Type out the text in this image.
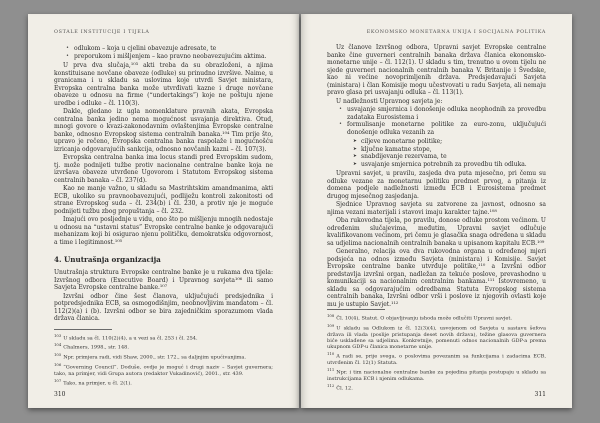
OSTALE INSTITUCIJE I TIJELA
• odlukom – koja u cjelini obavezuje adresate, te
• preporukom i mišljenjem – kao pravno neobavezujućim aktima.

U prva dva slučaja,¹⁰³ akti treba da su obrazloženi, a njima konstituisane novčane obaveze (odluke) su prinudno izvršive. Naime, u granicama i u skladu sa uslovima koje utvrdi Savjet ministara, Evropska centralna banka može utvrđivati kazne i druge novčane obaveze u odnosu na firme (“undertakings”) koje ne poštuju njene uredbe i odluke – čl. 110(3).

Dakle, gledano iz ugla nomenklature pravnih akata, Evropska centralna banka jedino nema mogućnost usvajanja direktiva. Otud, mnogi govore o kvazi-zakonodavnim ovlaštenjima Evropske centralne banke, odnosno Evropskog sistema centralnih banaka.¹⁰⁴ Tim prije što, upravo je rečeno, Evropska centralna banka raspolaže i mogućnošću izricanja odgovarajućih sankcija, odnosno novčanih kazni – čl. 107(3).

Evropska centralna banka ima locus standi pred Evropskim sudom, tj. može podnijeti tužbe protiv nacionalne centralne banke koja ne izvršava obaveze utvrđene Ugovorom i Statutom Evropskog sistema centralnih banaka – čl. 237(d).

Kao ne manje važno, u skladu sa Mastrihtskim amandmanima, akti ECB, ukoliko su pravnoobavezujući, podliježu kontroli zakonitosti od strane Evropskog suda – čl. 234(b) i čl. 230, a protiv nje je moguće podnijeti tužbu zbog propuštanja – čl. 232.

Imajući ovo posljednje u vidu, ono što po mišljenju mnogih nedostaje u odnosu na “ustavni status” Evropske centralne banke je odgovarajući mehanizam koji bi osigurao njenu političku, demokratsku odgovornost, a time i legitimnost.¹⁰⁵

4. Unutrašnja organizacija

Unutrašnja struktura Evropske centralne banke je u rukama dva tijela: Izvršnog odbora (Executive Board) i Upravnog savjeta¹⁰⁶ ili samo Savjeta Evropske centralne banke.¹⁰⁷

Izvršni odbor čine šest članova, uključujući predsjednika i potpredsjednika ECB, sa osmogodišnjim, neobnovljivim mandatom – čl. 112(2)(a) i (b). Izvršni odbor se bira zajedničkim sporazumom vlada država članica.

$^{103}$U skladu sa čl. 110(2)(4), a u vezi sa čl. 253 i čl. 254.

$^{104}$Chalmers, 1998., str. 148.

$^{105}$Npr. primjera radi, vidi Shaw, 2000., str. 172., sa daljnjim upućivanjima.

$^{106}$“Governing Council”. Doduše, ovdje je moguć i drugi naziv – Savjet guvernera; tako, na primjer, vidi Grupa autora (redaktor Vukadinović), 2001., str. 439.

$^{107}$Tako, na primjer, u čl. 2(1).

310
EKONOMSKO MONETARNA UNIJA I SOCIJALNA POLITIKA

Uz članove Izvršnog odbora, Upravni savjet Evropske centralne banke čine guverneri centralnih banaka država članica ekonomsko-monetarne unije – čl. 112(1). U skladu s tim, trenutno u ovom tijelu ne sjede guverneri nacionalnih centralnih banaka V. Britanije i Švedske, kao ni većine novoprimljenih država. Predsjedavajući Savjeta (ministara) i član Komisije mogu učestvovati u radu Savjeta, ali nemaju pravo glasa pri usvajanju odluka – čl. 113(1).

U nadležnosti Upravnog savjeta je:

• usvajanje smjernica i donošenje odluka neophodnih za provedbu zadataka Eurosistema i
• formulisanje monetarne politike za euro-zonu, uključujući donošenje odluka vezanih za
➤ ciljeve monetarne politike;
➤ ključne kamatne stope,
➤ snabdijevanje rezervama, te
➤ usvajanje smjernica potrebnih za provedbu tih odluka.

Upravni savjet, u pravilu, zasjeda dva puta mjesečno, pri čemu su odluke vezane za monetarnu politiku predmet prvog, a pitanja iz domena podjele nadležnosti između ECB i Eurosistema predmet drugog mjesečnog zasjedanja.

Sjednice Upravnog savjeta su zatvorene za javnost, odnosno sa njima vezani materijali i stavovi imaju karakter tajne.¹⁰⁸

Oba rukovodna tijela, po pravilu, donose odluke prostom većinom. U određenim slučajevima, međutim, Upravni savjet odlučuje kvalifikovanom većinom, pri čemu je glasačka snaga određena u skladu sa udjelima nacionalnih centralnih banaka u upisanom kapitalu ECB.¹⁰⁹

Generalno, relacija ova dva rukovodna organa u određenoj mjeri podsjeća na odnos između Savjeta (ministara) i Komisije. Savjet Evropske centralne banke utvrđuje politike,¹¹⁰ a Izvršni odbor predstavlja izvršni organ, nadležan za tekuće poslove, prevashodno u komunikaciji sa nacionalnim centralnim bankama.¹¹¹ Istovremeno, u skladu sa odgovarajućim odredbama Statuta Evropskog sistema centralnih banaka, Izvršni odbor vrši i poslove iz njegovih ovlasti koje mu je ustupio Savjet.¹¹²

$^{108}$Čl. 10(4), Statut. O objavljivanju ishoda može odlučiti Upravni savjet.

$^{109}$U skladu sa Odlukom iz čl. 12(3)(4), usvojenom od Savjeta u sastavu šefova država ili vlada (poslije pristupanja deset novih država), težine glasova guvernera biće usklađene sa udjelima. Konkretnije, pomenuti odnos nacionalnih GDP-a prema ukupnom GDP-u članica monetarne unije.

$^{110}$A radi se, prije svega, o poslovima povezanim sa funkcijama i zadacima ECB, utvrđenim čl. 12(1) Statuta.

$^{111}$Npr. i tim nacionalne centralne banke za pojedina pitanja postupaju u skladu sa instrukcijama ECB i njenim odlukama.

$^{112}$Čl. 12.

311
